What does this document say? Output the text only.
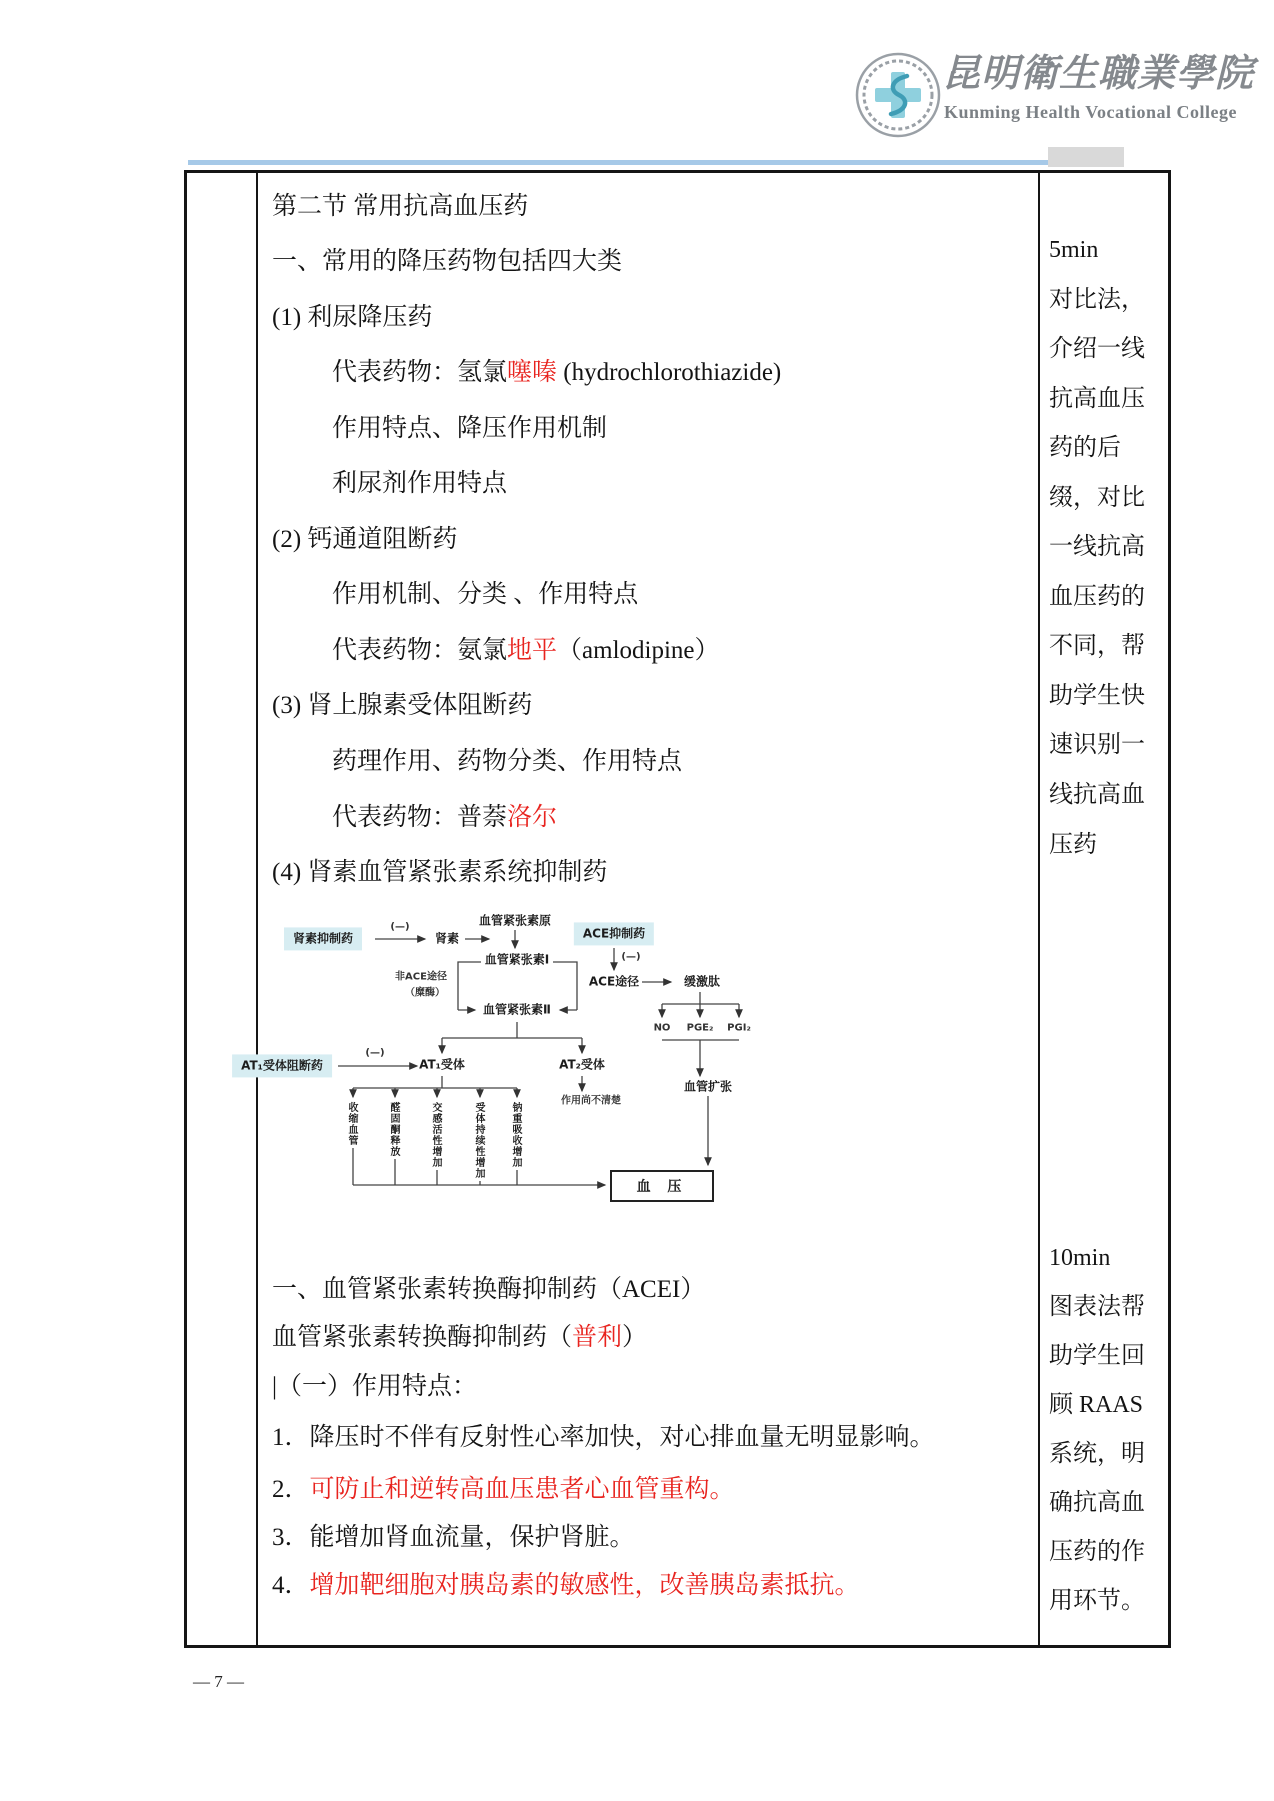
昆明衛生職業學院
Kunming Health Vocational College
第二节 常用抗高血压药
一、常用的降压药物包括四大类
(1) 利尿降压药
代表药物：氢氯噻嗪 (hydrochlorothiazide)
作用特点、降压作用机制
利尿剂作用特点
(2) 钙通道阻断药
作用机制、分类 、作用特点
代表药物：氨氯地平（amlodipine）
(3) 肾上腺素受体阻断药
药理作用、药物分类、作用特点
代表药物：普萘洛尔
(4) 肾素血管紧张素系统抑制药
一、血管紧张素转换酶抑制药（ACEI）
血管紧张素转换酶抑制药（普利）
|（一）作用特点：
1．降压时不伴有反射性心率加快，对心排血量无明显影响。
2．可防止和逆转高血压患者心血管重构。
3．能增加肾血流量，保护肾脏。
4．增加靶细胞对胰岛素的敏感性，改善胰岛素抵抗。
5min
对比法，
介绍一线
抗高血压
药的后
缀，对比
一线抗高
血压药的
不同，帮
助学生快
速识别一
线抗高血
压药
10min
图表法帮
助学生回
顾 RAAS
系统，明
确抗高血
压药的作
用环节。
血管紧张素原
肾素抑制药
(—)
肾素	ACE抑制药
血管紧张素Ⅰ	(—)
非ACE途径
（糜酶）
ACE途径	缓激肽
血管紧张素Ⅱ
NO PGE₂ PGI₂
AT₁受体阻断药
(—)
AT₁受体	AT₂受体
作用尚不清楚
血管扩张
收缩血管	醛固酮释放	交感活性增加	受体持续性增加	钠重吸收增加
血 压
— 7 —
